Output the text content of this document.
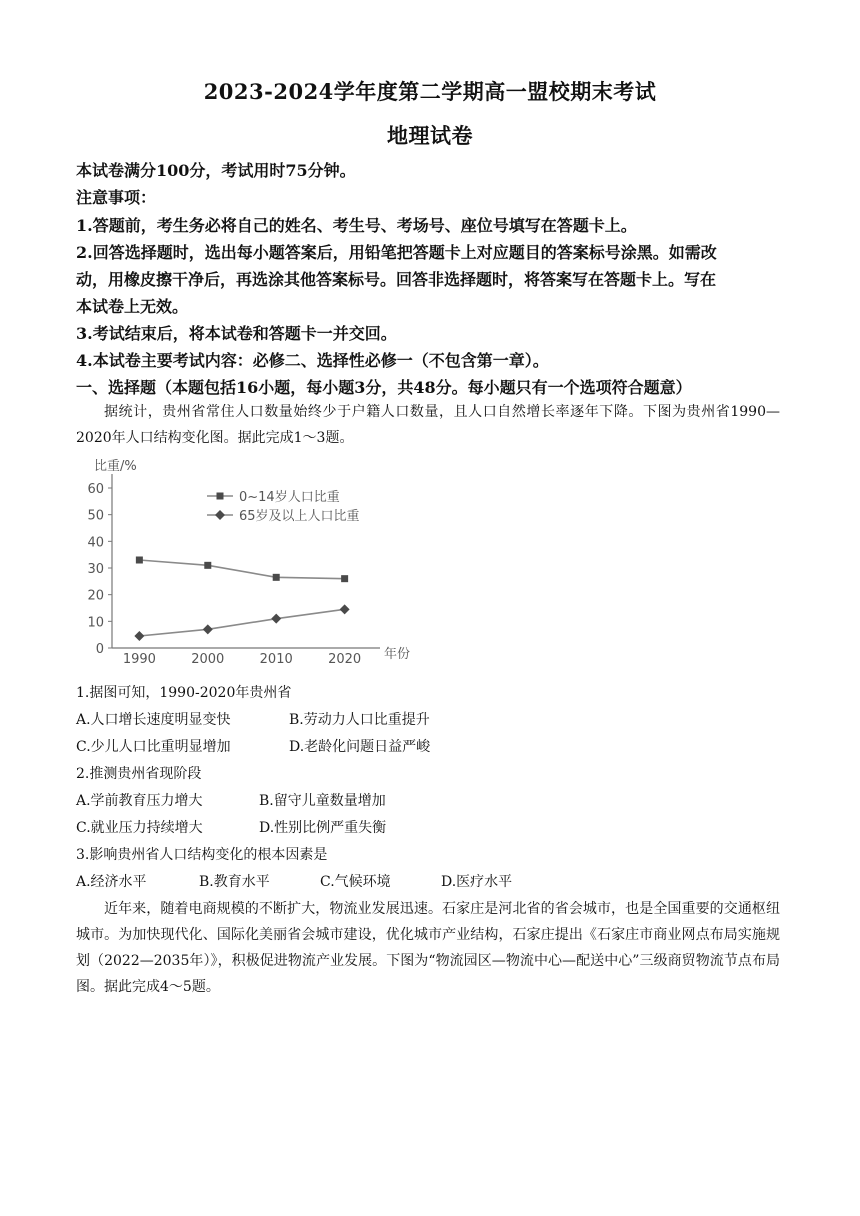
2023-2024学年度第二学期高一盟校期末考试
地理试卷
本试卷满分100分，考试用时75分钟。
注意事项：
1.答题前，考生务必将自己的姓名、考生号、考场号、座位号填写在答题卡上。
2.回答选择题时，选出每小题答案后，用铅笔把答题卡上对应题目的答案标号涂黑。如需改
动，用橡皮擦干净后，再选涂其他答案标号。回答非选择题时，将答案写在答题卡上。写在
本试卷上无效。
3.考试结束后，将本试卷和答题卡一并交回。
4.本试卷主要考试内容：必修二、选择性必修一（不包含第一章）。
一、选择题（本题包括16小题，每小题3分，共48分。每小题只有一个选项符合题意）
据统计，贵州省常住人口数量始终少于户籍人口数量，且人口自然增长率逐年下降。下图为贵州省1990—2020年人口结构变化图。据此完成1～3题。
比重/%
年份
0
10
20
30
40
50
60
1990	2000	2010	2020
0~14岁人口比重
65岁及以上人口比重
1.据图可知，1990-2020年贵州省
A.人口增长速度明显变快	B.劳动力人口比重提升
C.少儿人口比重明显增加	D.老龄化问题日益严峻
2.推测贵州省现阶段
A.学前教育压力增大	B.留守儿童数量增加
C.就业压力持续增大	D.性别比例严重失衡
3.影响贵州省人口结构变化的根本因素是
A.经济水平	B.教育水平	C.气候环境	D.医疗水平
近年来，随着电商规模的不断扩大，物流业发展迅速。石家庄是河北省的省会城市，也是全国重要的交通枢纽城市。为加快现代化、国际化美丽省会城市建设，优化城市产业结构，石家庄提出《石家庄市商业网点布局实施规划（2022—2035年）》，积极促进物流产业发展。下图为“物流园区—物流中心—配送中心”三级商贸物流节点布局图。据此完成4～5题。
